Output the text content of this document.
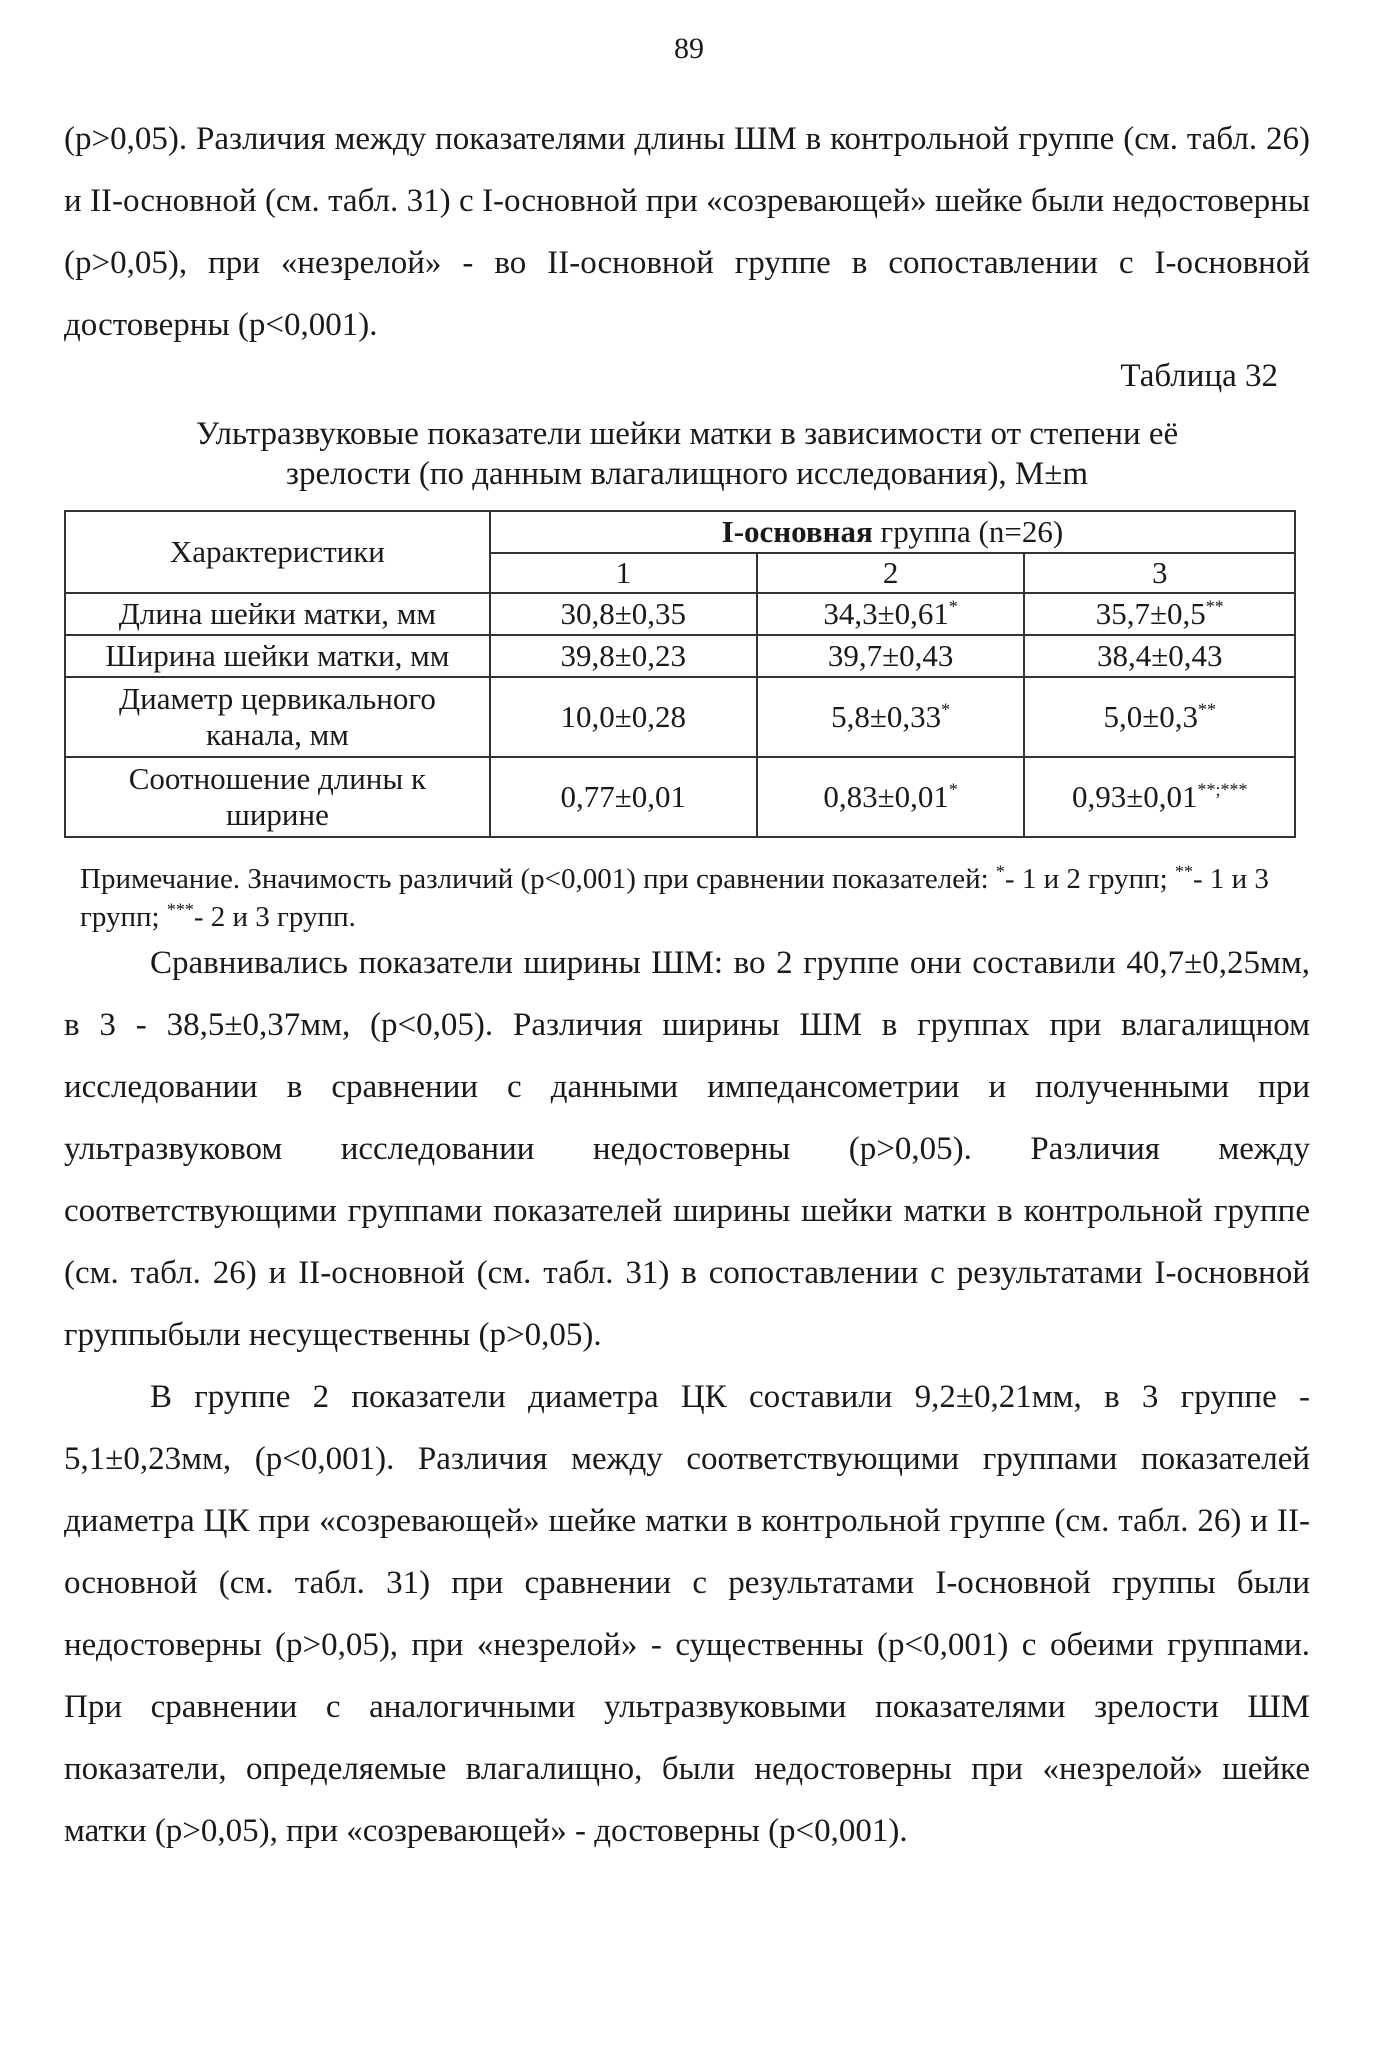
89

(p>0,05). Различия между показателями длины ШМ в контрольной группе (см. табл. 26) и II-основной (см. табл. 31) с I-основной при «созревающей» шейке были недостоверны (p>0,05), при «незрелой» - во II-основной группе в сопоставлении с I-основной достоверны (p<0,001).

Таблица 32
Ультразвуковые показатели шейки матки в зависимости от степени её
зрелости (по данным влагалищного исследования), M±m
Характеристики	I-основная группа (n=26)		
	1	2	3
Длина шейки матки, мм	30,8±0,35	34,3±0,61*	35,7±0,5**
Ширина шейки матки, мм	39,8±0,23	39,7±0,43	38,4±0,43

Диаметр цервикального
канала, мм	10,0±0,28	5,8±0,33*	5,0±0,3**

Соотношение длины к
ширине	0,77±0,01	0,83±0,01*	0,93±0,01**;***

Примечание. Значимость различий (p<0,001) при сравнении показателей: *- 1 и 2 групп; **- 1 и 3 групп; ***- 2 и 3 групп.

Сравнивались показатели ширины ШМ: во 2 группе они составили 40,7±0,25мм, в 3 - 38,5±0,37мм, (p<0,05). Различия ширины ШМ в группах при влагалищном исследовании в сравнении с данными импедансометрии и полученными при ультразвуковом исследовании недостоверны (p>0,05). Различия между соответствующими группами показателей ширины шейки матки в контрольной группе (см. табл. 26) и II-основной (см. табл. 31) в сопоставлении с результатами I-основной группыбыли несущественны (p>0,05).

В группе 2 показатели диаметра ЦК составили 9,2±0,21мм, в 3 группе - 5,1±0,23мм, (p<0,001). Различия между соответствующими группами показателей диаметра ЦК при «созревающей» шейке матки в контрольной группе (см. табл. 26) и II-основной (см. табл. 31) при сравнении с результатами I-основной группы были недостоверны (p>0,05), при «незрелой» - существенны (p<0,001) с обеими группами. При сравнении с аналогичными ультразвуковыми показателями зрелости ШМ показатели, определяемые влагалищно, были недостоверны при «незрелой» шейке матки (p>0,05), при «созревающей» - достоверны (p<0,001).
